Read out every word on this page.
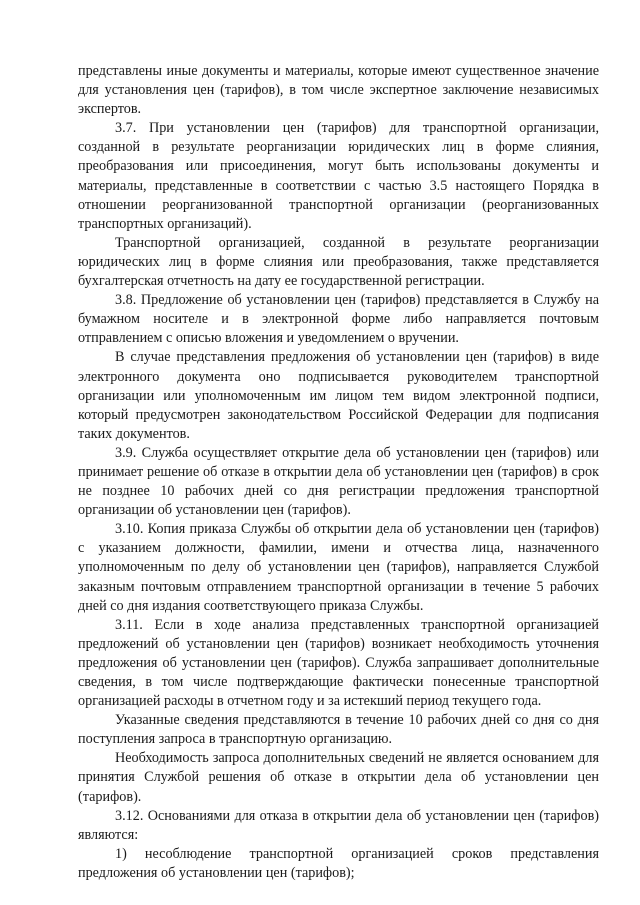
представлены иные документы и материалы, которые имеют существенное значение для установления цен (тарифов), в том числе экспертное заключение независимых экспертов.

3.7. При установлении цен (тарифов) для транспортной организации, созданной в результате реорганизации юридических лиц в форме слияния, преобразования или присоединения, могут быть использованы документы и материалы, представленные в соответствии с частью 3.5 настоящего Порядка в отношении реорганизованной транспортной организации (реорганизованных транспортных организаций).

Транспортной организацией, созданной в результате реорганизации юридических лиц в форме слияния или преобразования, также представляется бухгалтерская отчетность на дату ее государственной регистрации.

3.8. Предложение об установлении цен (тарифов) представляется в Службу на бумажном носителе и в электронной форме либо направляется почтовым отправлением с описью вложения и уведомлением о вручении.

В случае представления предложения об установлении цен (тарифов) в виде электронного документа оно подписывается руководителем транспортной организации или уполномоченным им лицом тем видом электронной подписи, который предусмотрен законодательством Российской Федерации для подписания таких документов.

3.9. Служба осуществляет открытие дела об установлении цен (тарифов) или принимает решение об отказе в открытии дела об установлении цен (тарифов) в срок не позднее 10 рабочих дней со дня регистрации предложения транспортной организации об установлении цен (тарифов).

3.10. Копия приказа Службы об открытии дела об установлении цен (тарифов) с указанием должности, фамилии, имени и отчества лица, назначенного уполномоченным по делу об установлении цен (тарифов), направляется Службой заказным почтовым отправлением транспортной организации в течение 5 рабочих дней со дня издания соответствующего приказа Службы.

3.11. Если в ходе анализа представленных транспортной организацией предложений об установлении цен (тарифов) возникает необходимость уточнения предложения об установлении цен (тарифов). Служба запрашивает дополнительные сведения, в том числе подтверждающие фактически понесенные транспортной организацией расходы в отчетном году и за истекший период текущего года.

Указанные сведения представляются в течение 10 рабочих дней со дня со дня поступления запроса в транспортную организацию.

Необходимость запроса дополнительных сведений не является основанием для принятия Службой решения об отказе в открытии дела об установлении цен (тарифов).

3.12. Основаниями для отказа в открытии дела об установлении цен (тарифов) являются:

1) несоблюдение транспортной организацией сроков представления предложения об установлении цен (тарифов);
